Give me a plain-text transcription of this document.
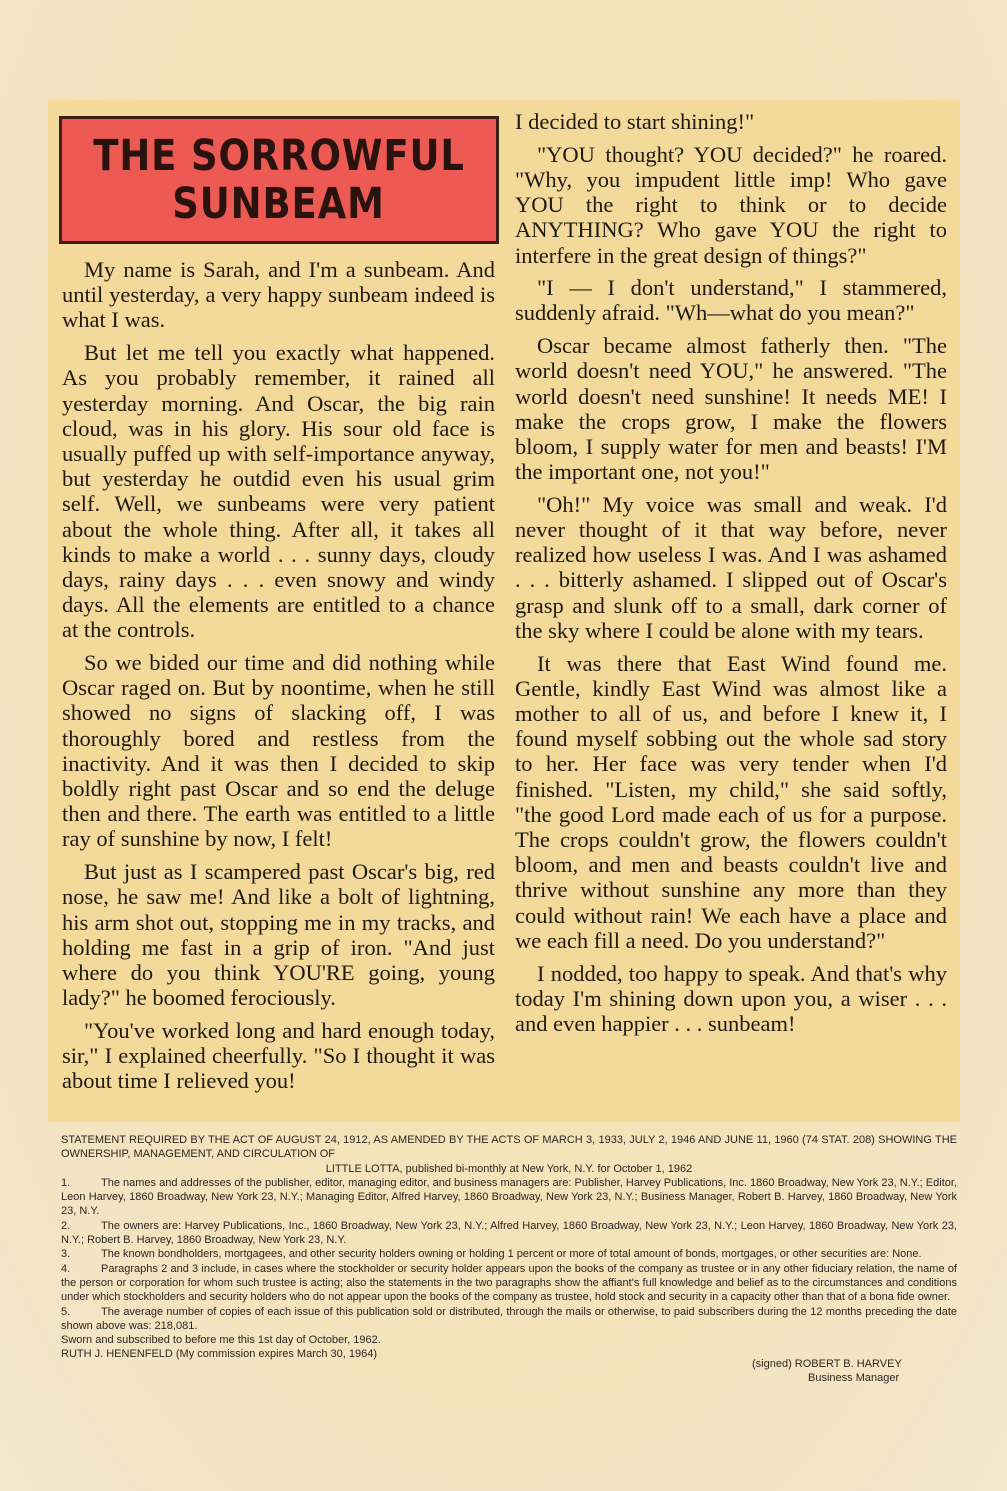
THE SORROWFUL
SUNBEAM

My name is Sarah, and I'm a sunbeam. And until yesterday, a very happy sunbeam indeed is what I was.

But let me tell you exactly what happened. As you probably remember, it rained all yesterday morning. And Oscar, the big rain cloud, was in his glory. His sour old face is usually puffed up with self-importance anyway, but yesterday he outdid even his usual grim self. Well, we sunbeams were very patient about the whole thing. After all, it takes all kinds to make a world . . . sunny days, cloudy days, rainy days . . . even snowy and windy days. All the elements are entitled to a chance at the controls.

So we bided our time and did nothing while Oscar raged on. But by noontime, when he still showed no signs of slacking off, I was thoroughly bored and restless from the inactivity. And it was then I decided to skip boldly right past Oscar and so end the deluge then and there. The earth was entitled to a little ray of sunshine by now, I felt!

But just as I scampered past Oscar's big, red nose, he saw me! And like a bolt of lightning, his arm shot out, stopping me in my tracks, and holding me fast in a grip of iron. "And just where do you think YOU'RE going, young lady?" he boomed ferociously.

"You've worked long and hard enough today, sir," I explained cheerfully. "So I thought it was about time I relieved you!

I decided to start shining!"

"YOU thought? YOU decided?" he roared. "Why, you impudent little imp! Who gave YOU the right to think or to decide ANYTHING? Who gave YOU the right to interfere in the great design of things?"

"I — I don't understand," I stammered, suddenly afraid. "Wh—what do you mean?"

Oscar became almost fatherly then. "The world doesn't need YOU," he answered. "The world doesn't need sunshine! It needs ME! I make the crops grow, I make the flowers bloom, I supply water for men and beasts! I'M the important one, not you!"

"Oh!" My voice was small and weak. I'd never thought of it that way before, never realized how useless I was. And I was ashamed . . . bitterly ashamed. I slipped out of Oscar's grasp and slunk off to a small, dark corner of the sky where I could be alone with my tears.

It was there that East Wind found me. Gentle, kindly East Wind was almost like a mother to all of us, and before I knew it, I found myself sobbing out the whole sad story to her. Her face was very tender when I'd finished. "Listen, my child," she said softly, "the good Lord made each of us for a purpose. The crops couldn't grow, the flowers couldn't bloom, and men and beasts couldn't live and thrive without sunshine any more than they could without rain! We each have a place and we each fill a need. Do you understand?"

I nodded, too happy to speak. And that's why today I'm shining down upon you, a wiser . . . and even happier . . . sunbeam!

STATEMENT REQUIRED BY THE ACT OF AUGUST 24, 1912, AS AMENDED BY THE ACTS OF MARCH 3, 1933, JULY 2, 1946 AND JUNE 11, 1960 (74 STAT. 208) SHOWING THE OWNERSHIP, MANAGEMENT, AND CIRCULATION OF
LITTLE LOTTA, published bi-monthly at New York, N.Y. for October 1, 1962
1.	The names and addresses of the publisher, editor, managing editor, and business managers are: Publisher, Harvey Publications, Inc. 1860 Broadway, New York 23, N.Y.; Editor, Leon Harvey, 1860 Broadway, New York 23, N.Y.; Managing Editor, Alfred Harvey, 1860 Broadway, New York 23, N.Y.; Business Manager, Robert B. Harvey, 1860 Broadway, New York 23, N.Y.
2.	The owners are: Harvey Publications, Inc., 1860 Broadway, New York 23, N.Y.; Alfred Harvey, 1860 Broadway, New York 23, N.Y.; Leon Harvey, 1860 Broadway, New York 23, N.Y.; Robert B. Harvey, 1860 Broadway, New York 23, N.Y.
3.	The known bondholders, mortgagees, and other security holders owning or holding 1 percent or more of total amount of bonds, mortgages, or other securities are: None.
4.	Paragraphs 2 and 3 include, in cases where the stockholder or security holder appears upon the books of the company as trustee or in any other fiduciary relation, the name of the person or corporation for whom such trustee is acting; also the statements in the two paragraphs show the affiant's full knowledge and belief as to the circumstances and conditions under which stockholders and security holders who do not appear upon the books of the company as trustee, hold stock and security in a capacity other than that of a bona fide owner.
5.	The average number of copies of each issue of this publication sold or distributed, through the mails or otherwise, to paid subscribers during the 12 months preceding the date shown above was: 218,081.
Sworn and subscribed to before me this 1st day of October, 1962.
RUTH J. HENENFELD (My commission expires March 30, 1964)
(signed) ROBERT B. HARVEY
Business Manager
